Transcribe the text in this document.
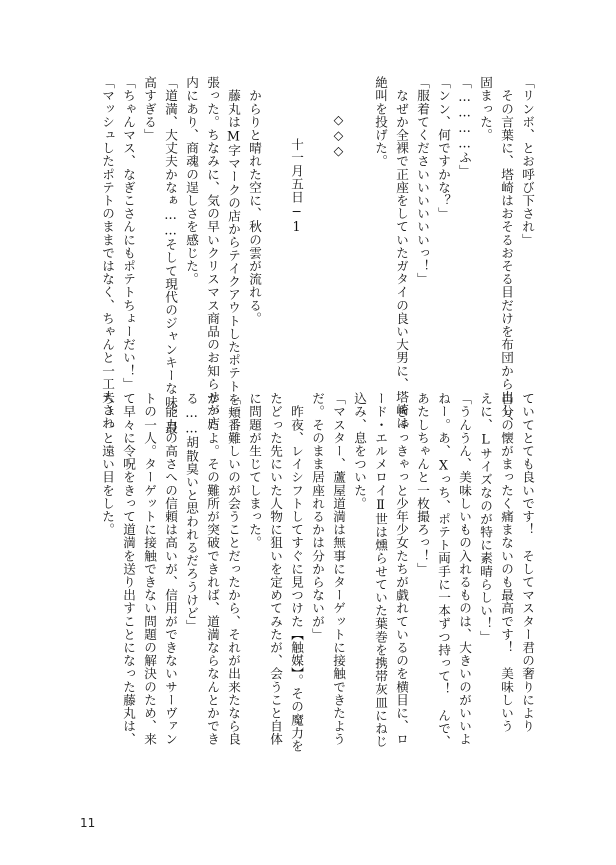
ていてとても良いです！　そしてマスター君の奢りにより
自分の懐がまったく痛まないのも最高です！　美味しいう
えに、Lサイズなのが特に素晴らしい！」
「うんうん、美味しいもの入れるものは、大きいのがいいよ
ねー。あ、Xっち、ポテト両手に一本ずつ持って！　んで、
あたしちゃんと一枚撮ろっ！」
　きゃっきゃっと少年少女たちが戯れているのを横目に、ロ
ード・エルメロイⅡ世は燻らせていた葉巻を携帯灰皿にねじ
込み、息をついた。
「マスター、蘆屋道満は無事にターゲットに接触できたよう
だ。そのまま居座れるかは分からないが」
　昨夜、レイシフトしてすぐに見つけた【触媒】。その魔力を
たどった先にいた人物に狙いを定めてみたが、会うこと自体
に問題が生じてしまった。
「一番難しいのが会うことだったから、それが出来たなら良
かったよ。その難所が突破できれば、道満ならなんとかでき
る……胡散臭いと思われるだろうけど」
　能力の高さへの信頼は高いが、信用ができないサーヴァン
トの一人。ターゲットに接触できない問題の解決のため、来
て早々に令呪をきって道満を送り出すことになった藤丸は、
ちょっと遠い目をした。
「リンボ、とお呼び下され」
　その言葉に、塔崎はおそるおそる目だけを布団から出し、
固まった。
「…………ふ」
「ンン、何ですかな？」
「服着てくださいいいいいいっ！」
　なぜか全裸で正座をしていたガタイの良い大男に、塔崎は
絶叫を投げた。
◇◇◇
十一月五日−1
　からりと晴れた空に、秋の雲が流れる。
　藤丸はM字マークの店からテイクアウトしたポテトを頬
張った。ちなみに、気の早いクリスマス商品のお知らせが店
内にあり、商魂の逞しさを感じた。
「道満、大丈夫かなぁ……そして現代のジャンキーな味、最
高すぎる」
「ちゃんマス、なぎこさんにもポテトちょーだい！」
「マッシュしたポテトのままではなく、ちゃんと一工夫され
11
